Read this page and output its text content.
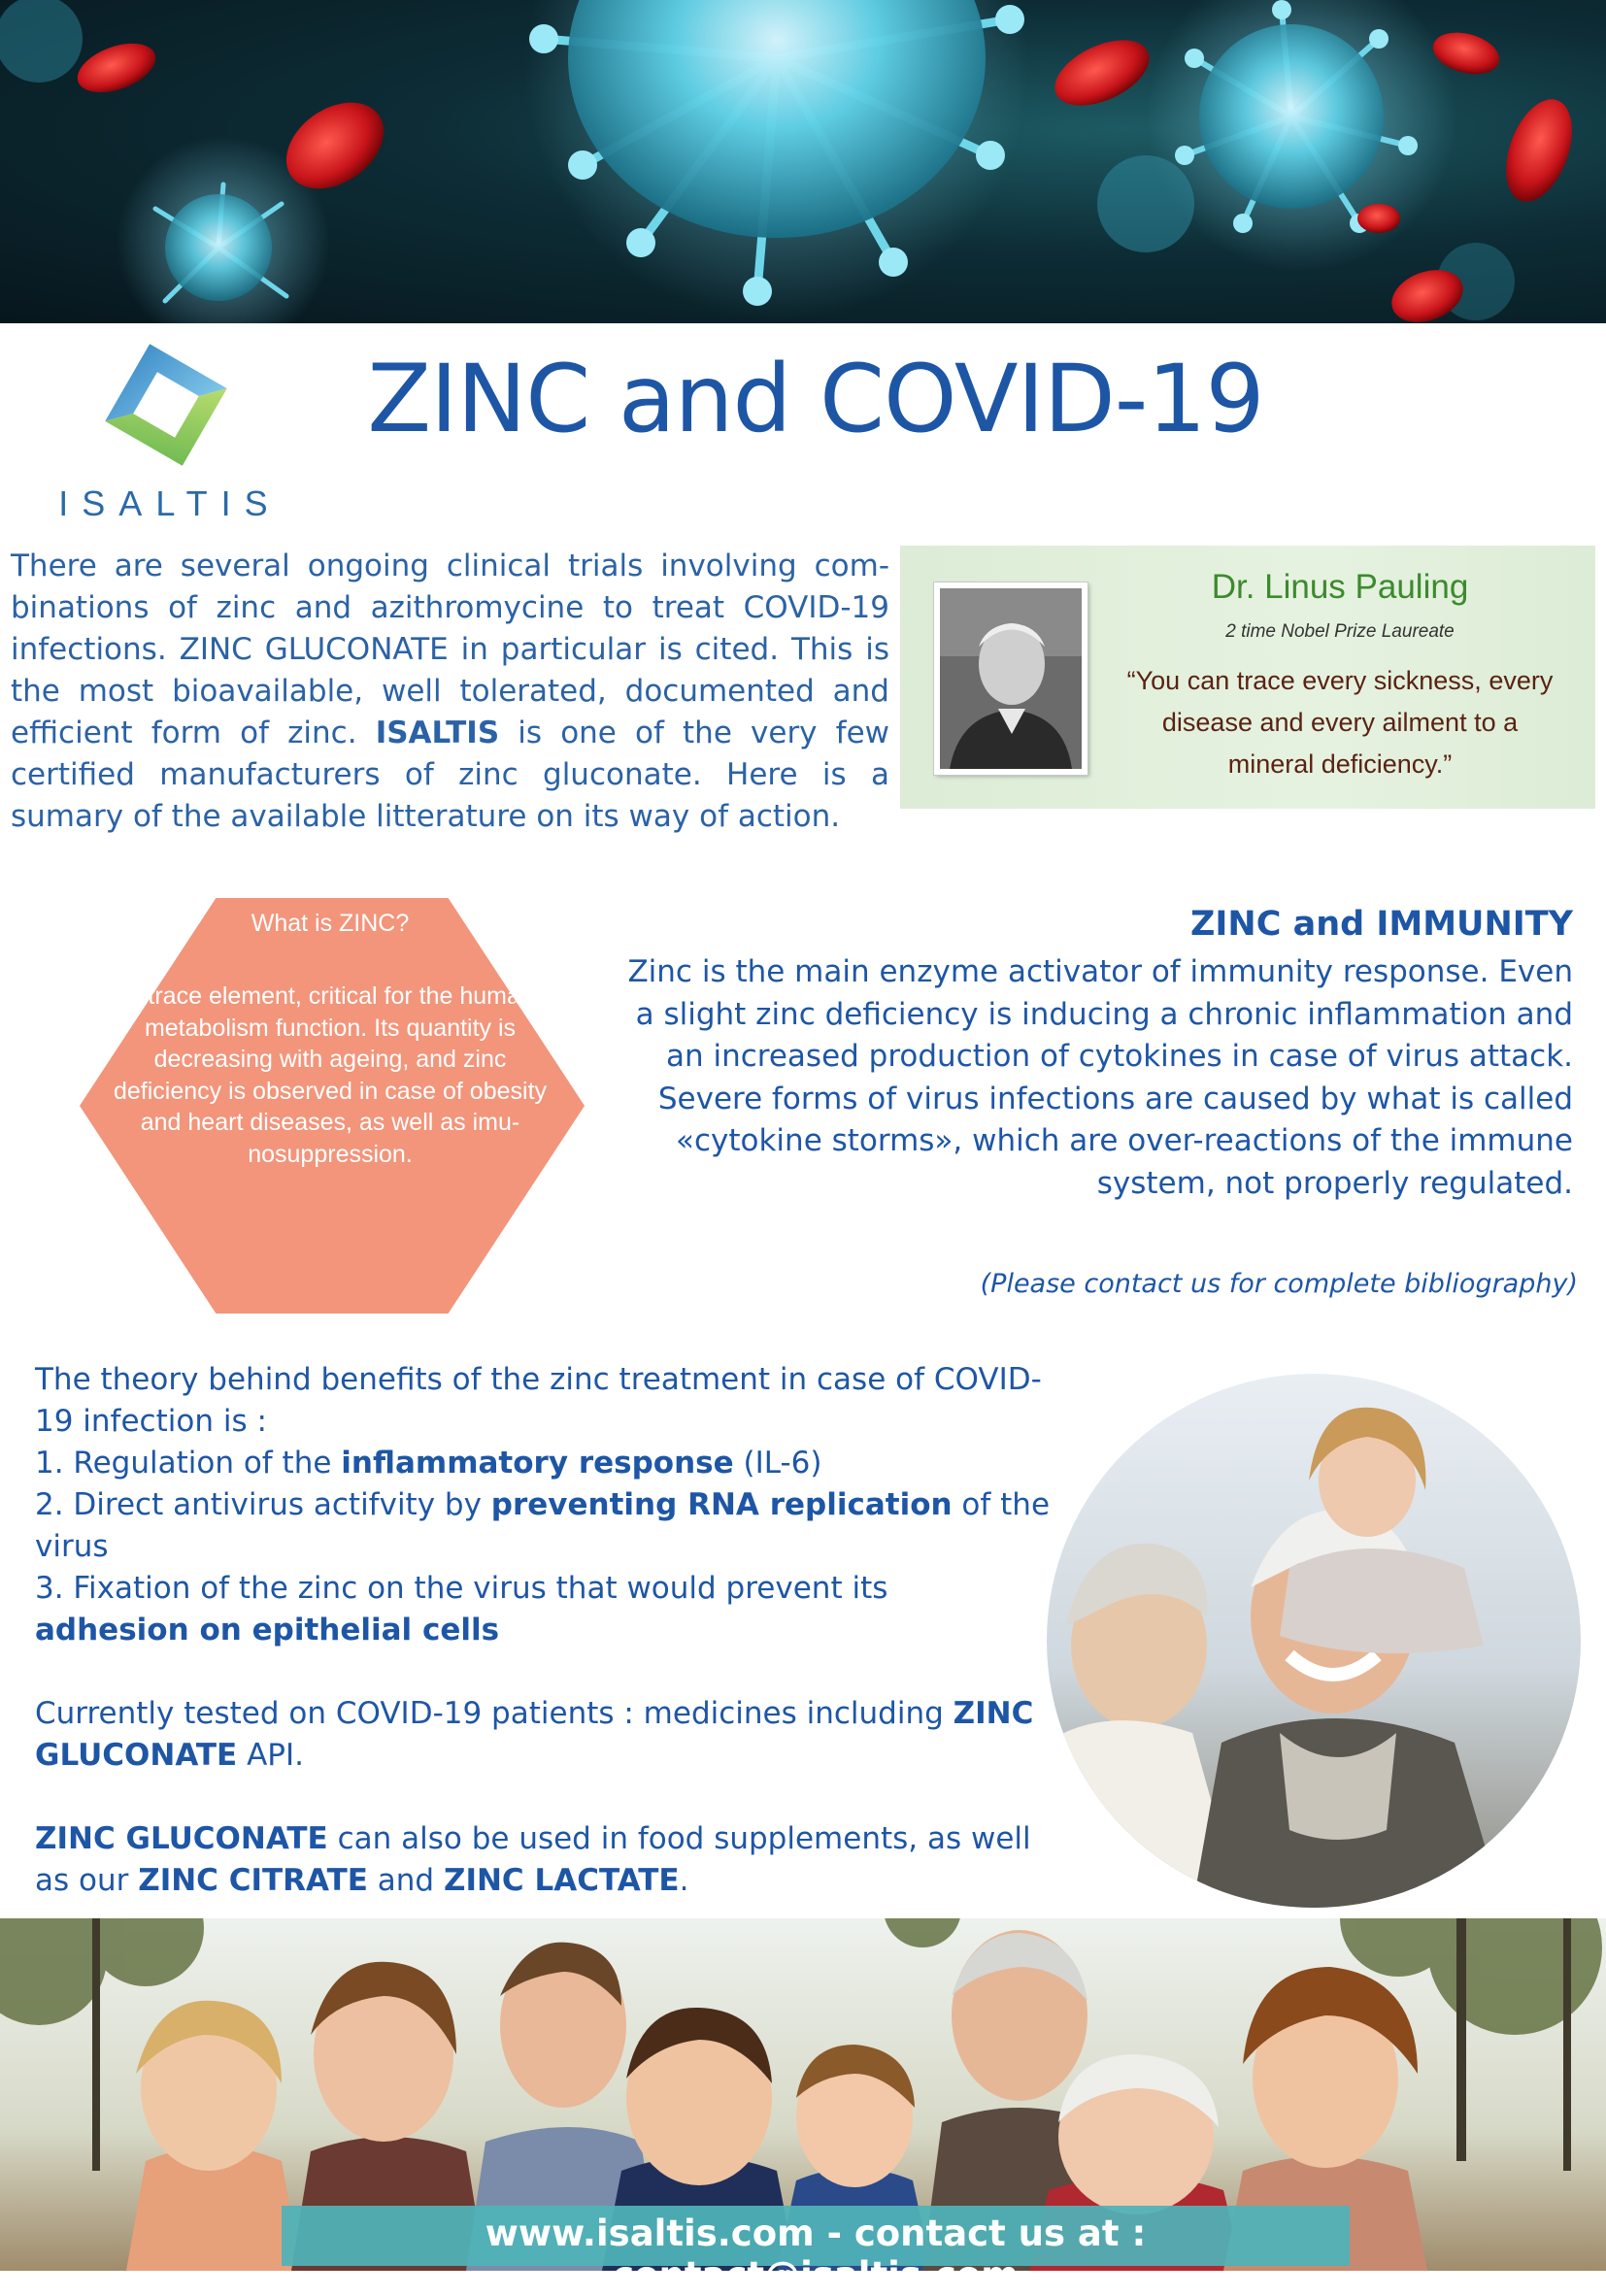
ISALTIS
ZINC and COVID-19
There are several ongoing clinical trials involving combinations of zinc and azithromycine to treat COVID-19 infections. ZINC GLUCONATE in particular is cited. This is the most bioavailable, well tolerated, documented and efficient form of zinc. ISALTIS is one of the very few certified manufacturers of zinc gluconate. Here is a sumary of the available litterature on its way of action.
Dr. Linus Pauling
2 time Nobel Prize Laureate
“You can trace every sickness, every disease and every ailment to a mineral deficiency.”
What is ZINC?
A trace element, critical for the human metabolism function. Its quantity is decreasing with ageing, and zinc deficiency is observed in case of obesity and heart diseases, as well as imunosuppression.
ZINC and IMMUNITY
Zinc is the main enzyme activator of immunity response. Even a slight zinc deficiency is inducing a chronic inflammation and an increased production of cytokines in case of virus attack. Severe forms of virus infections are caused by what is called «cytokine storms», which are over-reactions of the immune system, not properly regulated.
(Please contact us for complete bibliography)

The theory behind benefits of the zinc treatment in case of COVID-19 infection is :

1. Regulation of the inflammatory response (IL-6)

2. Direct antivirus actifvity by preventing RNA replication of the virus

3. Fixation of the zinc on the virus that would prevent its adhesion on epithelial cells

Currently tested on COVID-19 patients : medicines including ZINC GLUCONATE API.

ZINC GLUCONATE can also be used in food supplements, as well as our ZINC CITRATE and ZINC LACTATE.

www.isaltis.com - contact us at : contact@isaltis.com
